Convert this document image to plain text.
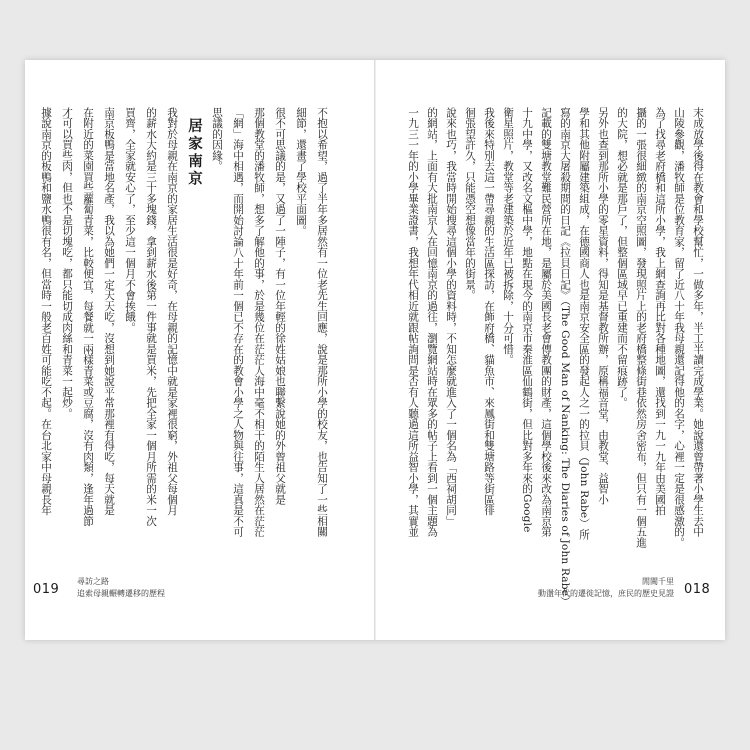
不抱以希望，過了半年多居然有一位老先生回應，說是那所小學的校友，也告知了一些相關
細節，還畫了學校平面圖。
很不可思議的是，又過了一陣子，有一位年輕的徐姓姑娘也聯繫說她的外曾祖父就是
那個教堂的潘牧師，想多了解他的事，於是幾位在茫茫人海中毫不相干的陌生人居然在茫茫
「網」海中相遇，而開始討論八十年前一個已不存在的教會小學之人物與往事，這真是不可
思議的因緣。
居家南京
我對於母親在南京的家居生活很是好奇，在母親的記憶中就是家裡很窮，外祖父每個月
的薪水大約是三十多塊錢，拿到薪水後第一件事就是買米，先把全家一個月所需的米一次
買齊，全家就安心了，至少這一個月不會挨餓。
南京板鴨是當地名產，我以為她們一定天天吃，沒想到她說平常那裡有得吃，每天就是
在附近的菜園買些蘿蔔青菜，比較便宜，每餐就一兩樣青菜或豆腐，沒有肉類，逢年過節
才可以買些肉，但也不是切塊吃，都只能切成肉絲和青菜一起炒。
據說南京的板鴨和鹽水鴨很有名，但當時一般老百姓可能吃不起。在台北家中母親長年
019
尋訪之路
追索母親輾轉遷移的歷程
末成放學後得在教會和學校幫忙，一做多年，半工半讀完成學業。她說還曾帶著小學生去中
山陵參觀，潘牧師是位教育家，留了近八十年我母親還記得他的名字，心裡一定是很感激的。
為了找尋老府橋和這所小學，我上網查詢再比對各種地圖，還找到一九一九年由美國拍
攝的一張很細緻的南京空照圖，發現照片上的老府橋整條街巷依然房舍密布，但只有一個五進
的大院，想必就是那戶了，但整個區域早已重建而不留痕跡了。
另外也查到那所小學的零星資料，得知是基督教所辦，原稱福音堂，由教堂、益智小
學和其他附屬建築組成，在德國商人也是南京安全區的發起人之一的拉貝（John Rabe）所
寫的南京大屠殺期間的日記《拉貝日記》（The Good Man of Nanking: The Diaries of John Rabe）
記載的雙塘教堂難民營所在地，是屬於美國長老會傳教團的財產，這個學校後來改為南京第
十九中學，又改名文樞中學，地點在現今的南京市秦淮區仙鶴街，但比對多年來的Google
衛星照片，教堂等老建築於近年已被拆除，十分可惜。
我後來特別去這一帶尋親的生活區探訪，在飾府橋、貓魚市、來鳳街和雙塘路等街區徘
徊張望許久，只能憑空想像當年的街景。
說來也巧，我當時開始搜尋這個小學的資料時，不知怎麼就進入了一個名為「西祠胡同」
的網站，上面有大批南京人在回憶南京的過往，瀏覽網站時在眾多的帖子上看到一個主題為
一九三一年的小學畢業證書，我想年代相近就跟帖詢問是否有人聽過這所益智小學，其實並
閒闖千里
動盪年代的遷徙記憶，庶民的歷史見證 018
